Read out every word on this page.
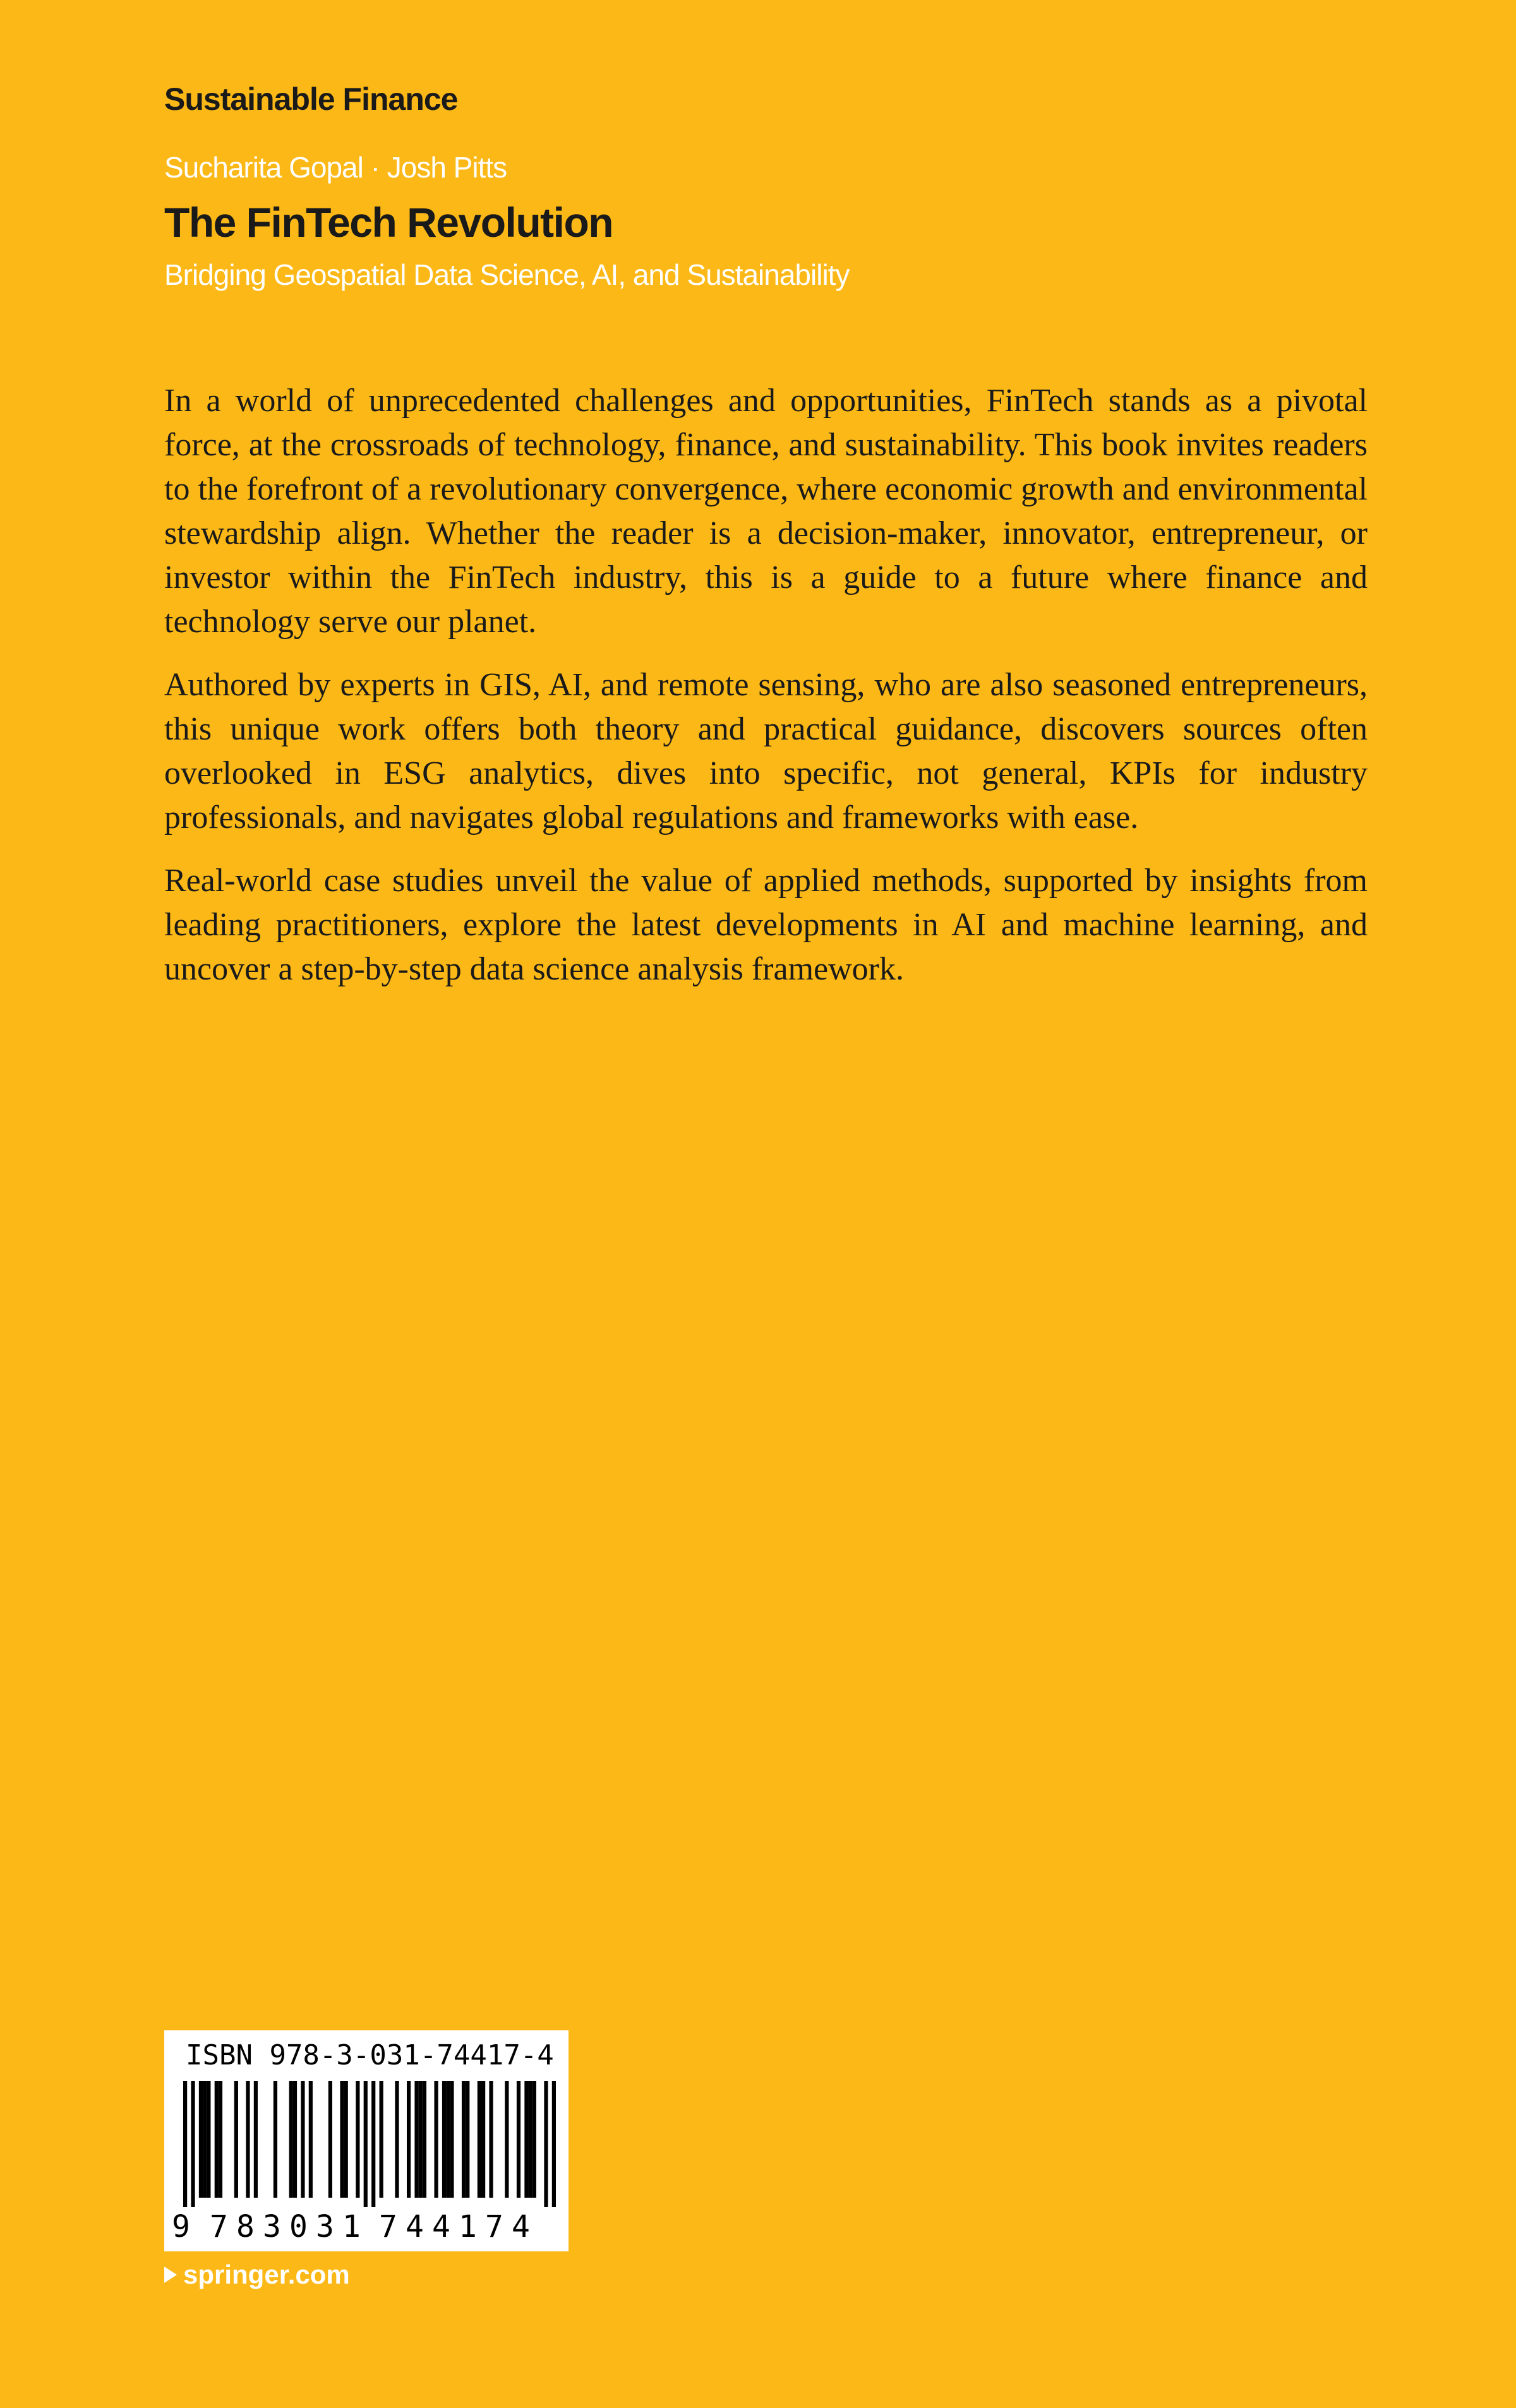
Sustainable Finance
Sucharita Gopal · Josh Pitts
The FinTech Revolution
Bridging Geospatial Data Science, AI, and Sustainability

In a world of unprecedented challenges and opportunities, FinTech stands as a pivotal force, at the crossroads of technology, finance, and sustainability. This book invites readers to the forefront of a revolutionary convergence, where economic growth and environmental stewardship align. Whether the reader is a decision-maker, innovator, entrepreneur, or investor within the FinTech industry, this is a guide to a future where finance and technology serve our planet.

Authored by experts in GIS, AI, and remote sensing, who are also seasoned entrepreneurs, this unique work offers both theory and practical guidance, discovers sources often overlooked in ESG analytics, dives into specific, not general, KPIs for industry professionals, and navigates global regulations and frameworks with ease.

Real-world case studies unveil the value of applied methods, supported by insights from leading practitioners, explore the latest developments in AI and machine learning, and uncover a step-by-step data science analysis framework.

ISBN 978-3-031-74417-4
9 7 8 3 0 3 1 7 4 4 1 7 4
springer.com
